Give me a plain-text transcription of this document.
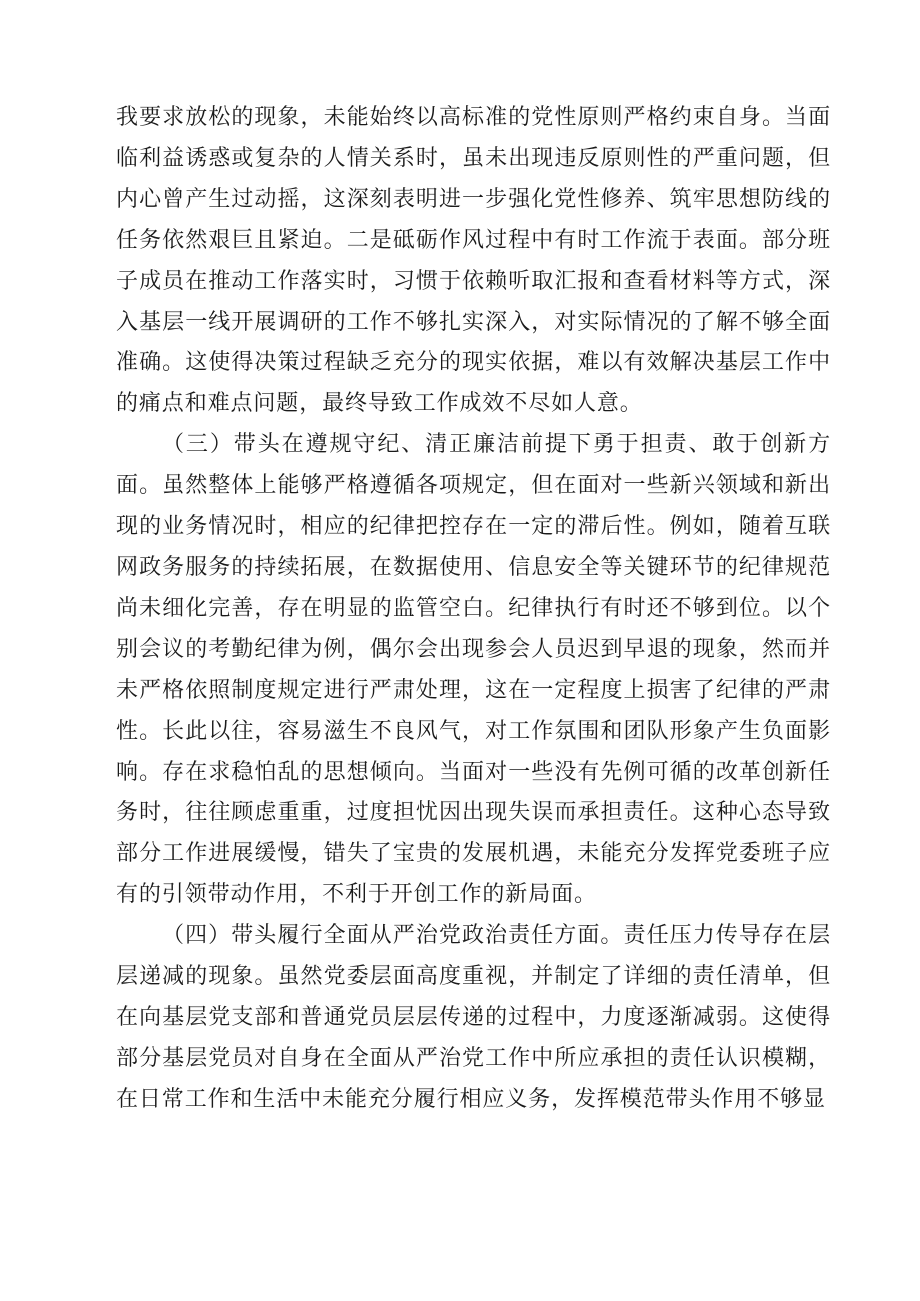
我要求放松的现象，未能始终以高标准的党性原则严格约束自身。当面临利益诱惑或复杂的人情关系时，虽未出现违反原则性的严重问题，但内心曾产生过动摇，这深刻表明进一步强化党性修养、筑牢思想防线的任务依然艰巨且紧迫。二是砥砺作风过程中有时工作流于表面。部分班子成员在推动工作落实时，习惯于依赖听取汇报和查看材料等方式，深入基层一线开展调研的工作不够扎实深入，对实际情况的了解不够全面准确。这使得决策过程缺乏充分的现实依据，难以有效解决基层工作中的痛点和难点问题，最终导致工作成效不尽如人意。

（三）带头在遵规守纪、清正廉洁前提下勇于担责、敢于创新方面。虽然整体上能够严格遵循各项规定，但在面对一些新兴领域和新出现的业务情况时，相应的纪律把控存在一定的滞后性。例如，随着互联网政务服务的持续拓展，在数据使用、信息安全等关键环节的纪律规范尚未细化完善，存在明显的监管空白。纪律执行有时还不够到位。以个别会议的考勤纪律为例，偶尔会出现参会人员迟到早退的现象，然而并未严格依照制度规定进行严肃处理，这在一定程度上损害了纪律的严肃性。长此以往，容易滋生不良风气，对工作氛围和团队形象产生负面影响。存在求稳怕乱的思想倾向。当面对一些没有先例可循的改革创新任务时，往往顾虑重重，过度担忧因出现失误而承担责任。这种心态导致部分工作进展缓慢，错失了宝贵的发展机遇，未能充分发挥党委班子应有的引领带动作用，不利于开创工作的新局面。

（四）带头履行全面从严治党政治责任方面。责任压力传导存在层层递减的现象。虽然党委层面高度重视，并制定了详细的责任清单，但在向基层党支部和普通党员层层传递的过程中，力度逐渐减弱。这使得部分基层党员对自身在全面从严治党工作中所应承担的责任认识模糊，在日常工作和生活中未能充分履行相应义务，发挥模范带头作用不够显
